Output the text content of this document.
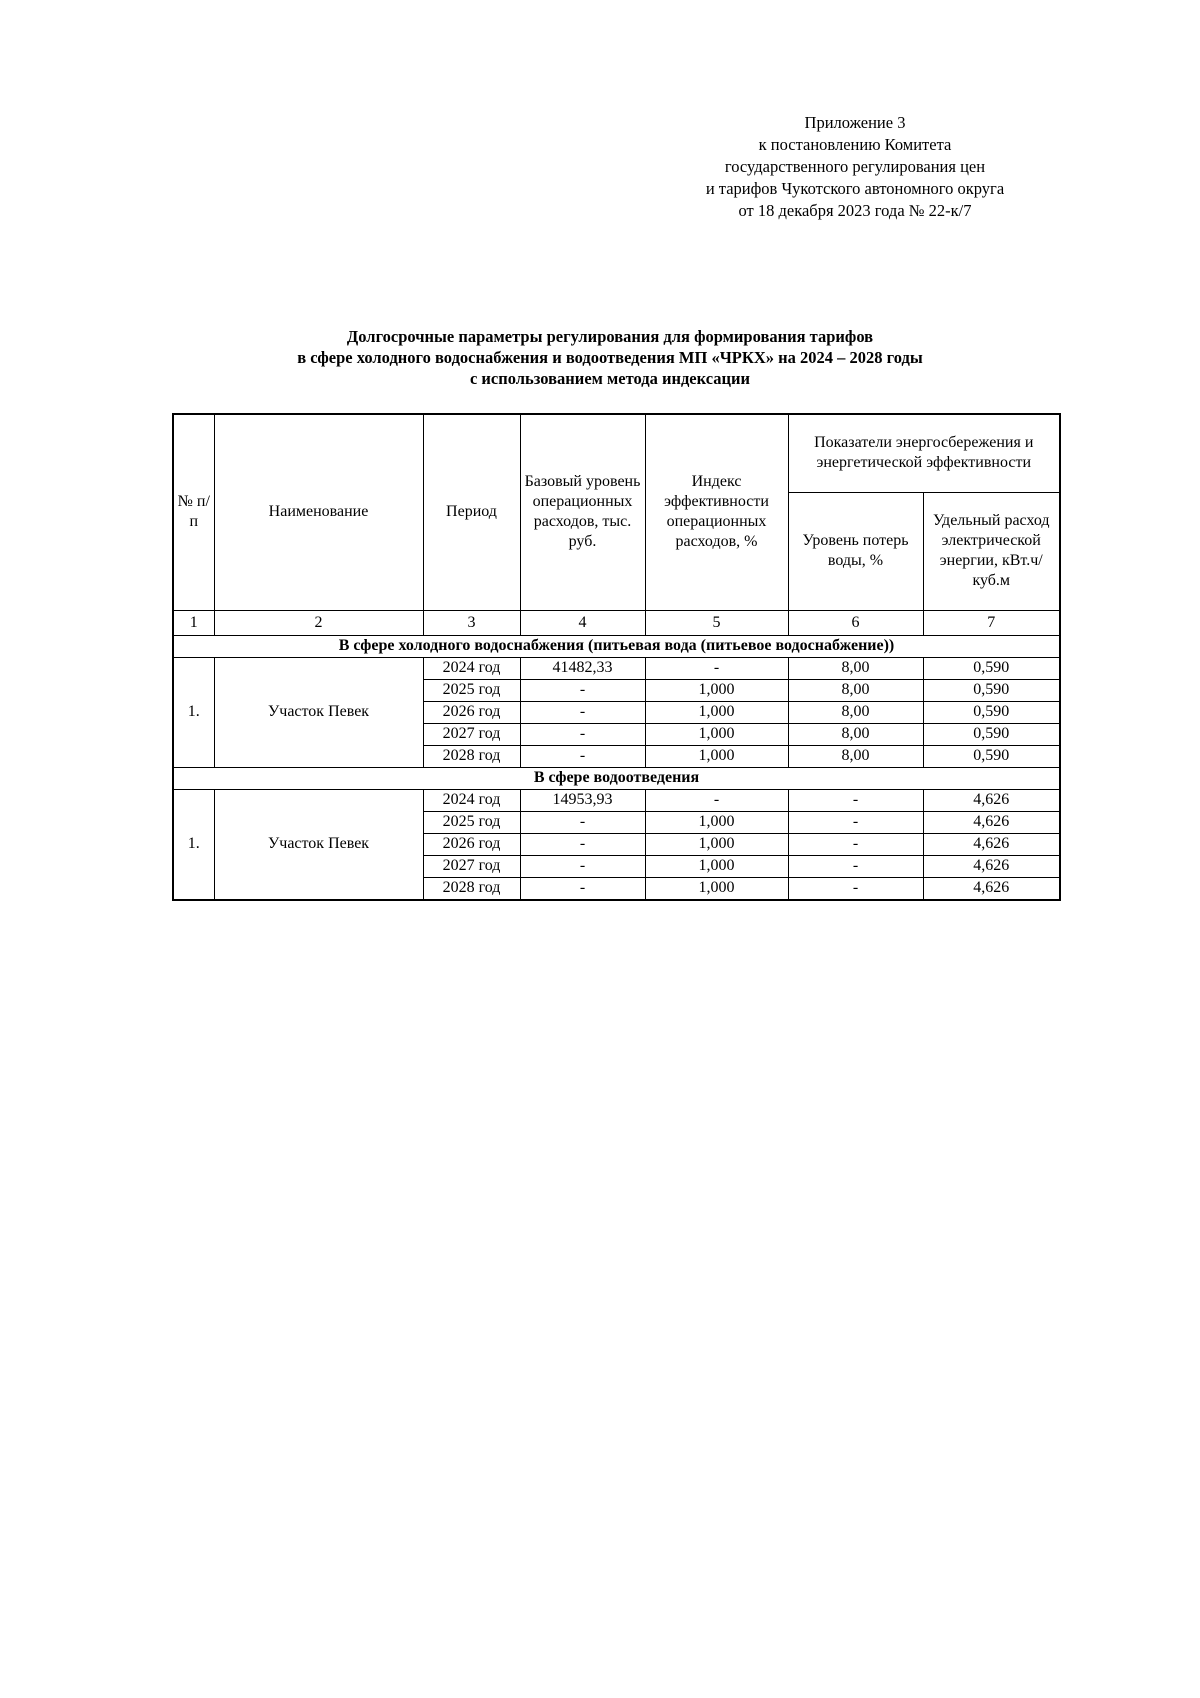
Приложение 3
к постановлению Комитета
государственного регулирования цен
и тарифов Чукотского автономного округа
от 18 декабря 2023 года № 22-к/7
Долгосрочные параметры регулирования для формирования тарифов
в сфере холодного водоснабжения и водоотведения МП «ЧРКХ» на 2024 – 2028 годы
с использованием метода индексации
№ п/п	Наименование	Период	Базовый уровень операционных расходов, тыс. руб.	Индекс эффективности операционных расходов, %	Показатели энергосбережения и энергетической эффективности	
					Уровень потерь воды, %	Удельный расход электрической энергии, кВт.ч/куб.м
1	2	3	4	5	6	7
В сфере холодного водоснабжения (питьевая вода (питьевое водоснабжение))						
1.	Участок Певек	2024 год	41482,33	-	8,00	0,590
		2025 год	-	1,000	8,00	0,590
		2026 год	-	1,000	8,00	0,590
		2027 год	-	1,000	8,00	0,590
		2028 год	-	1,000	8,00	0,590
В сфере водоотведения						
1.	Участок Певек	2024 год	14953,93	-	-	4,626
		2025 год	-	1,000	-	4,626
		2026 год	-	1,000	-	4,626
		2027 год	-	1,000	-	4,626
		2028 год	-	1,000	-	4,626
